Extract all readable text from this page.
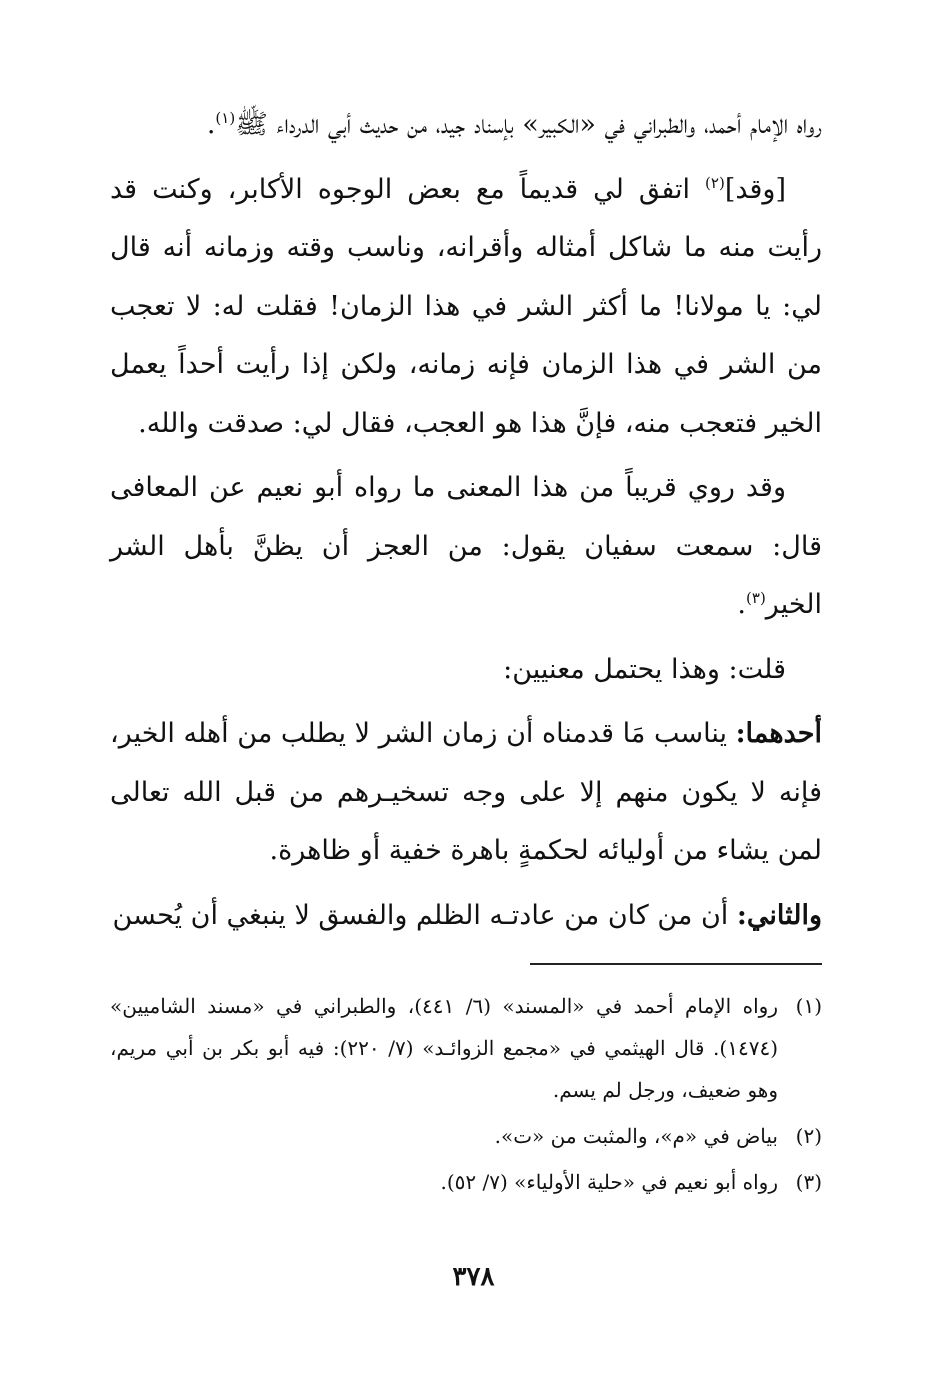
رواه الإمام أحمد، والطبراني في «الكبير» بإسناد جيد، من حديث أبي الدرداء ﷺ$^{(١)}$.

[وقد]$^{(٢)}$ اتفق لي قديماً مع بعض الوجوه الأكابر، وكنت قد رأيت منه ما شاكل أمثاله وأقرانه، وناسب وقته وزمانه أنه قال لي: يا مولانا! ما أكثر الشر في هذا الزمان! فقلت له: لا تعجب من الشر في هذا الزمان فإنه زمانه، ولكن إذا رأيت أحداً يعمل الخير فتعجب منه، فإنَّ هذا هو العجب، فقال لي: صدقت والله.

وقد روي قريباً من هذا المعنى ما رواه أبو نعيم عن المعافى قال: سمعت سفيان يقول: من العجز أن يظنَّ بأهل الشر الخير$^{(٣)}$.

قلت: وهذا يحتمل معنيين:

أحدهما: يناسب مَا قدمناه أن زمان الشر لا يطلب من أهله الخير، فإنه لا يكون منهم إلا على وجه تسخيـرهم من قبل الله تعالى لمن يشاء من أوليائه لحكمةٍ باهرة خفية أو ظاهرة.

والثاني: أن من كان من عادتـه الظلم والفسق لا ينبغي أن يُحسن

(١)
رواه الإمام أحمد في «المسند» (٦/ ٤٤١)، والطبراني في «مسند الشاميين» (١٤٧٤). قال الهيثمي في «مجمع الزوائـد» (٧/ ٢٢٠): فيه أبو بكر بن أبي مريم، وهو ضعيف، ورجل لم يسم.
(٢)
بياض في «م»، والمثبت من «ت».
(٣)
رواه أبو نعيم في «حلية الأولياء» (٧/ ٥٢).
٣٧٨
